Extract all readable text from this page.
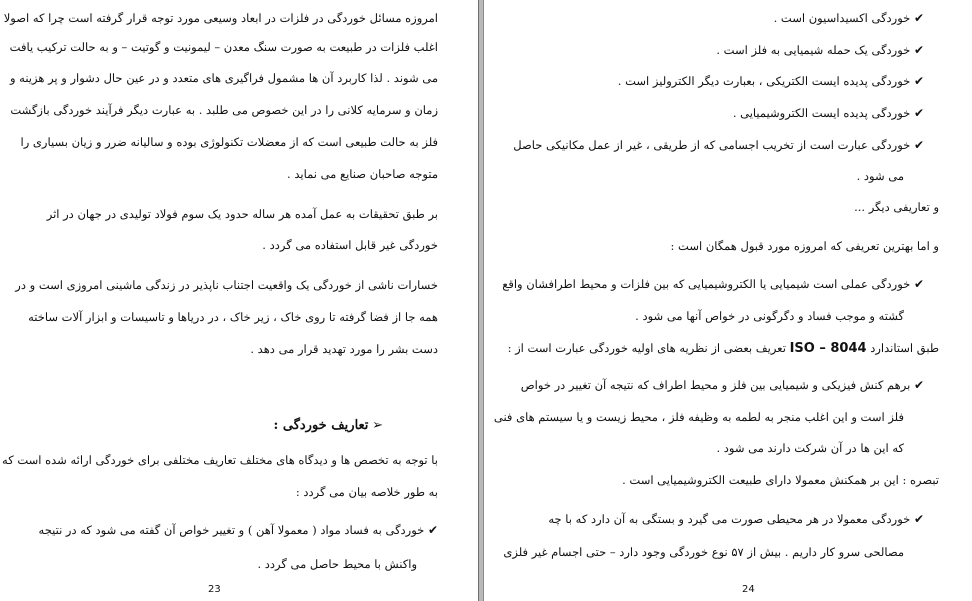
امروزه مسائل خوردگی در فلزات در ابعاد وسیعی مورد توجه قرار گرفته است چرا که اصولا
اغلب فلزات در طبیعت به صورت سنگ معدن – لیمونیت و گوتیت – و به حالت ترکیب یافت
می شوند . لذا کاربرد آن ها مشمول فراگیری های متعدد و در عین حال دشوار و پر هزینه و
زمان و سرمایه کلانی را در این خصوص می طلبد . به عبارت دیگر فرآیند خوردگی بازگشت
فلز به حالت طبیعی است که از معضلات تکنولوژی بوده و سالیانه ضرر و زیان بسیاری را
متوجه صاحبان صنایع می نماید .
بر طبق تحقیقات به عمل آمده هر ساله حدود یک سوم فولاد تولیدی در جهان در اثر
خوردگی غیر قابل استفاده می گردد .
خسارات ناشی از خوردگی یک واقعیت اجتناب ناپذیر در زندگی ماشینی امروزی است و در
همه جا از فضا گرفته تا روی خاک ، زیر خاک ، در دریاها و تاسیسات و ابزار آلات ساخته
دست بشر را مورد تهدید قرار می دهد .
➢ تعاریف خوردگی :
با توجه به تخصص ها و دیدگاه های مختلف تعاریف مختلفی برای خوردگی ارائه شده است که
به طور خلاصه بیان می گردد :
✔ خوردگی به فساد مواد ( معمولا آهن ) و تغییر خواص آن گفته می شود که در نتیجه
واکنش با محیط حاصل می گردد .
23
✔ خوردگی اکسیداسیون است .
✔ خوردگی یک حمله شیمیایی به فلز است .
✔ خوردگی پدیده ایست الکتریکی ، بعبارت دیگر الکترولیز است .
✔ خوردگی پدیده ایست الکتروشیمیایی .
✔ خوردگی عبارت است از تخریب اجسامی که از طریقی ، غیر از عمل مکانیکی حاصل
می شود .
و تعاریفی دیگر ...
و اما بهترین تعریفی که امروزه مورد قبول همگان است :
✔ خوردگی عملی است شیمیایی یا الکتروشیمیایی که بین فلزات و محیط اطرافشان واقع
گشته و موجب فساد و دگرگونی در خواص آنها می شود .
طبق استاندارد ISO – 8044 تعریف بعضی از نظریه های اولیه خوردگی عبارت است از :
✔ برهم کنش فیزیکی و شیمیایی بین فلز و محیط اطراف که نتیجه آن تغییر در خواص
فلز است و این اغلب منجر به لطمه به وظیفه فلز ، محیط زیست و یا سیستم های فنی
که این ها در آن شرکت دارند می شود .
تبصره : این بر همکنش معمولا دارای طبیعت الکتروشیمیایی است .
✔ خوردگی معمولا در هر محیطی صورت می گیرد و بستگی به آن دارد که با چه
مصالحی سرو کار داریم . بیش از ۵۷ نوع خوردگی وجود دارد – حتی اجسام غیر فلزی
24
